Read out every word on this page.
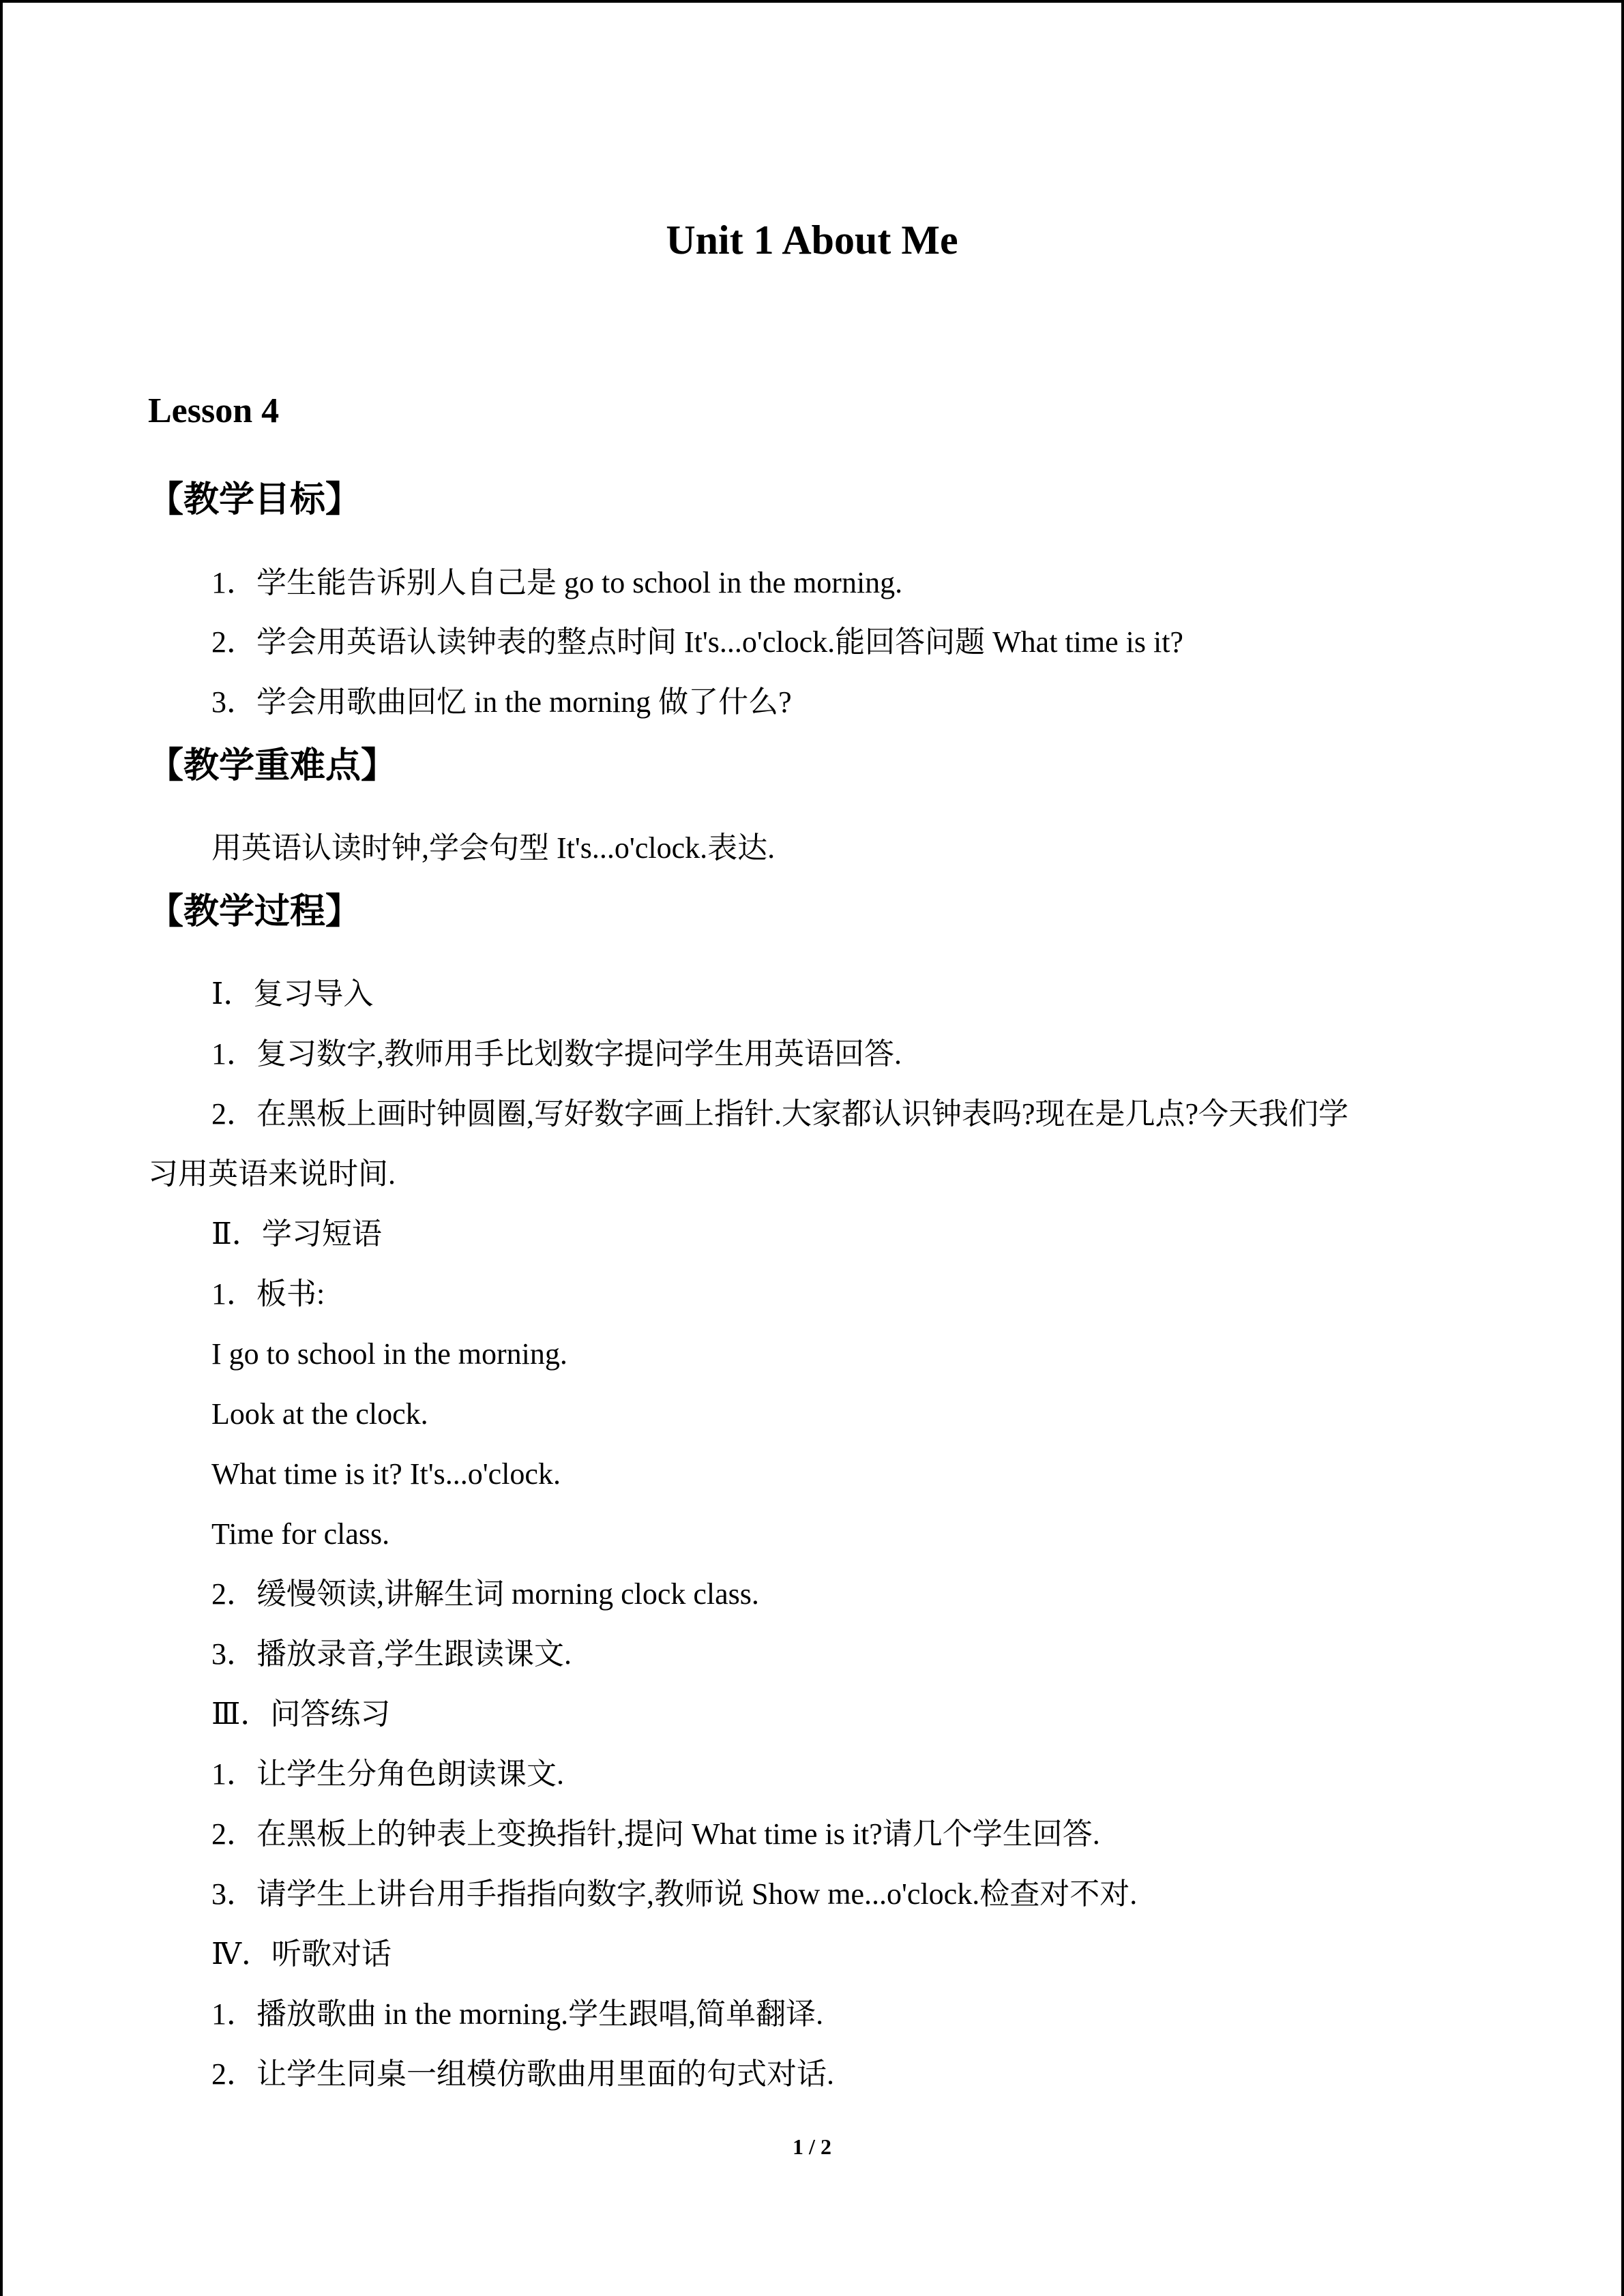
Unit 1 About Me
Lesson 4
【教学目标】
1．学生能告诉别人自己是 go to school in the morning.
2．学会用英语认读钟表的整点时间 It's...o'clock.能回答问题 What time is it?
3．学会用歌曲回忆 in the morning 做了什么?
【教学重难点】
用英语认读时钟,学会句型 It's...o'clock.表达.
【教学过程】
Ⅰ．复习导入
1．复习数字,教师用手比划数字提问学生用英语回答.
2．在黑板上画时钟圆圈,写好数字画上指针.大家都认识钟表吗?现在是几点?今天我们学
习用英语来说时间.
Ⅱ．学习短语
1．板书:
I go to school in the morning.
Look at the clock.
What time is it? It's...o'clock.
Time for class.
2．缓慢领读,讲解生词 morning clock class.
3．播放录音,学生跟读课文.
Ⅲ．问答练习
1．让学生分角色朗读课文.
2．在黑板上的钟表上变换指针,提问 What time is it?请几个学生回答.
3．请学生上讲台用手指指向数字,教师说 Show me...o'clock.检查对不对.
Ⅳ．听歌对话
1．播放歌曲 in the morning.学生跟唱,简单翻译.
2．让学生同桌一组模仿歌曲用里面的句式对话.
1 / 2
